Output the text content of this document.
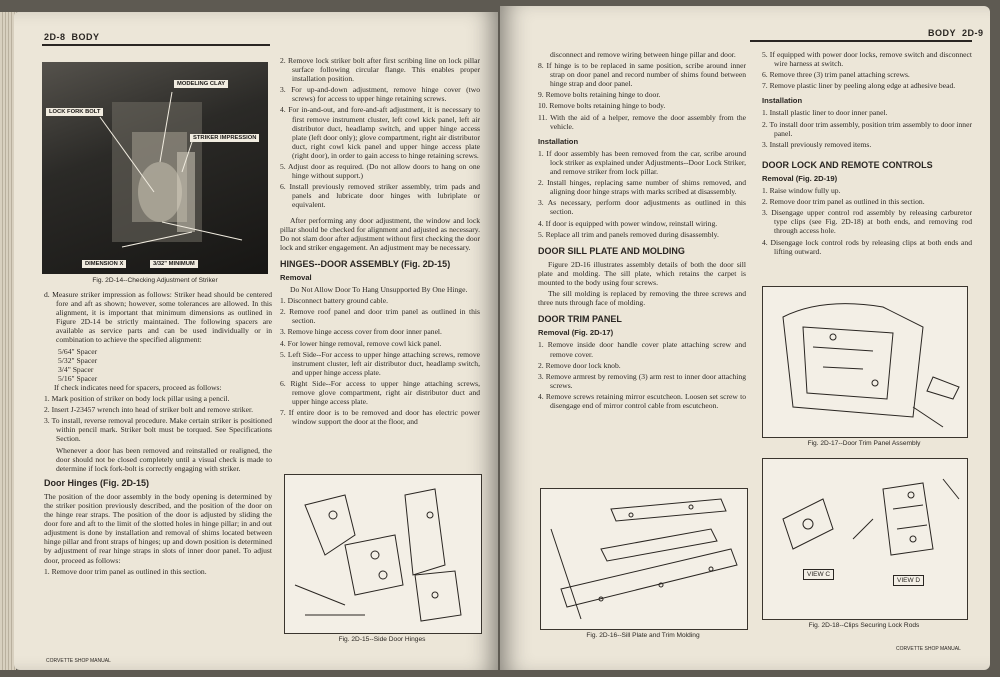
2D-8 BODY
MODELING CLAY
LOCK FORK BOLT
STRIKER IMPRESSION
DIMENSION X	3/32" MINIMUM
Fig. 2D-14--Checking Adjustment of Striker

d. Measure striker impression as follows: Striker head should be centered fore and aft as shown; however, some tolerances are allowed. In this alignment, it is important that minimum dimensions as outlined in Figure 2D-14 be strictly maintained. The following spacers are available as service parts and can be used individually or in combination to achieve the specified alignment:

5/64" Spacer
5/32" Spacer
3/4" Spacer
5/16" Spacer

If check indicates need for spacers, proceed as follows:

1. Mark position of striker on body lock pillar using a pencil.

2. Insert J-23457 wrench into head of striker bolt and remove striker.

3. To install, reverse removal procedure. Make certain striker is positioned within pencil mark. Striker bolt must be torqued. See Specifications Section.

Whenever a door has been removed and reinstalled or realigned, the door should not be closed completely until a visual check is made to determine if lock fork-bolt is correctly engaging with striker.

Door Hinges (Fig. 2D-15)

The position of the door assembly in the body opening is determined by the striker position previously described, and the position of the door on the hinge rear straps. The position of the door is adjusted by sliding the door fore and aft to the limit of the slotted holes in hinge pillar; in and out adjustment is done by installation and removal of shims located between hinge pillar and front straps of hinges; up and down position is determined by adjustment of rear hinge straps in slots of inner door panel. To adjust door, proceed as follows:

1. Remove door trim panel as outlined in this section.

2. Remove lock striker bolt after first scribing line on lock pillar surface following circular flange. This enables proper installation position.

3. For up-and-down adjustment, remove hinge cover (two screws) for access to upper hinge retaining screws.

4. For in-and-out, and fore-and-aft adjustment, it is necessary to first remove instrument cluster, left cowl kick panel, left air distributor duct, headlamp switch, and upper hinge access plate (left door only); glove compartment, right air distributor duct, right cowl kick panel and upper hinge access plate (right door), in order to gain access to hinge retaining screws.

5. Adjust door as required. (Do not allow doors to hang on one hinge without support.)

6. Install previously removed striker assembly, trim pads and panels and lubricate door hinges with lubriplate or equivalent.

After performing any door adjustment, the window and lock pillar should be checked for alignment and adjusted as necessary. Do not slam door after adjustment without first checking the door lock and striker engagement. An adjustment may be necessary.

HINGES--DOOR ASSEMBLY (Fig. 2D-15)
Removal

Do Not Allow Door To Hang Unsupported By One Hinge.

1. Disconnect battery ground cable.

2. Remove roof panel and door trim panel as outlined in this section.

3. Remove hinge access cover from door inner panel.

4. For lower hinge removal, remove cowl kick panel.

5. Left Side--For access to upper hinge attaching screws, remove instrument cluster, left air distributor duct, headlamp switch, and upper hinge access plate.

6. Right Side--For access to upper hinge attaching screws, remove glove compartment, right air distributor duct and upper hinge access plate.

7. If entire door is to be removed and door has electric power window support the door at the floor, and

Fig. 2D-15--Side Door Hinges
CORVETTE SHOP MANUAL
BODY 2D-9

disconnect and remove wiring between hinge pillar and door.

8. If hinge is to be replaced in same position, scribe around inner strap on door panel and record number of shims found between hinge strap and door panel.

9. Remove bolts retaining hinge to door.

10. Remove bolts retaining hinge to body.

11. With the aid of a helper, remove the door assembly from the vehicle.

Installation

1. If door assembly has been removed from the car, scribe around lock striker as explained under Adjustments--Door Lock Striker, and remove striker from lock pillar.

2. Install hinges, replacing same number of shims removed, and aligning door hinge straps with marks scribed at disassembly.

3. As necessary, perform door adjustments as outlined in this section.

4. If door is equipped with power window, reinstall wiring.

5. Replace all trim and panels removed during disassembly.

DOOR SILL PLATE AND MOLDING

Figure 2D-16 illustrates assembly details of both the door sill plate and molding. The sill plate, which retains the carpet is mounted to the body using four screws.

The sill molding is replaced by removing the three screws and three nuts through face of molding.

DOOR TRIM PANEL
Removal (Fig. 2D-17)

1. Remove inside door handle cover plate attaching screw and remove cover.

2. Remove door lock knob.

3. Remove armrest by removing (3) arm rest to inner door attaching screws.

4. Remove screws retaining mirror escutcheon. Loosen set screw to disengage end of mirror control cable from escutcheon.

Fig. 2D-16--Sill Plate and Trim Molding

5. If equipped with power door locks, remove switch and disconnect wire harness at switch.

6. Remove three (3) trim panel attaching screws.

7. Remove plastic liner by peeling along edge at adhesive bead.

Installation

1. Install plastic liner to door inner panel.

2. To install door trim assembly, position trim assembly to door inner panel.

3. Install previously removed items.

DOOR LOCK AND REMOTE CONTROLS
Removal (Fig. 2D-19)

1. Raise window fully up.

2. Remove door trim panel as outlined in this section.

3. Disengage upper control rod assembly by releasing carburetor type clips (see Fig. 2D-18) at both ends, and removing rod through access hole.

4. Disengage lock control rods by releasing clips at both ends and lifting outward.

Fig. 2D-17--Door Trim Panel Assembly
VIEW C
VIEW D
Fig. 2D-18--Clips Securing Lock Rods
CORVETTE SHOP MANUAL
